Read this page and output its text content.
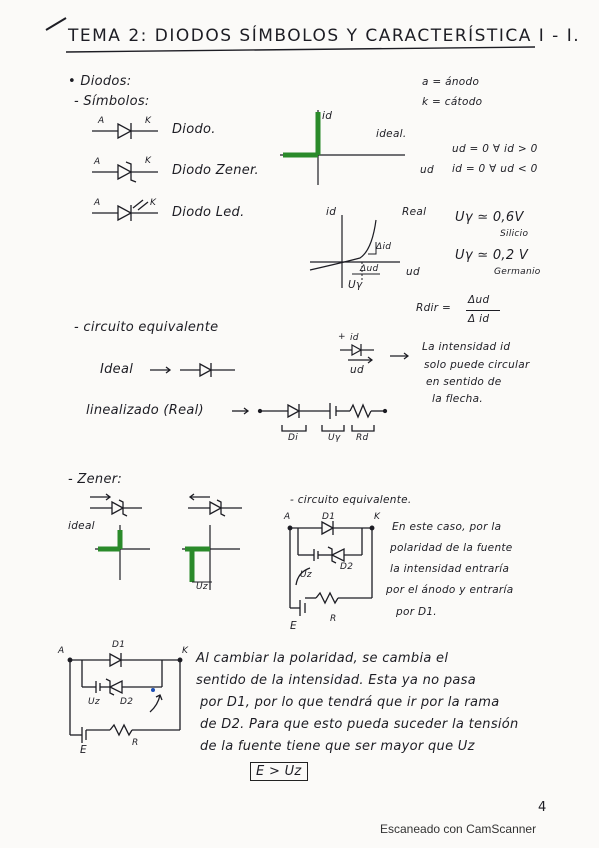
TEMA 2: DIODOS SÍMBOLOS Y CARACTERÍSTICA I - I.
• Diodos:
- Símbolos:
a = ánodo
k = cátodo
A	K
Diodo.
A	K
Diodo Zener.
A	K
Diodo Led.
id
ideal.
ud
ud = 0 ∀ id > 0
id = 0 ∀ ud < 0
id	Real
Δid
Δud	ud
Uγ
Uγ ≃ 0,6V
Silicio
Uγ ≃ 0,2 V
Germanio
Rdir =
Δud
Δ id
- circuito equivalente
Ideal
+ id
ud
La intensidad id
solo puede circular
en sentido de
la flecha.
linealizado (Real)
Di	Uγ Rd
- Zener:
ideal
Uz
- circuito equivalente.
A	K
D1
D2
Uz
E
R
En este caso, por la
polaridad de la fuente
la intensidad entraría
por el ánodo y entraría
por D1.
A	K
D1
D2
Uz
E
R
Al cambiar la polaridad, se cambia el
sentido de la intensidad. Esta ya no pasa
por D1, por lo que tendrá que ir por la rama
de D2. Para que esto pueda suceder la tensión
de la fuente tiene que ser mayor que Uz
E > Uz
4
Escaneado con CamScanner
